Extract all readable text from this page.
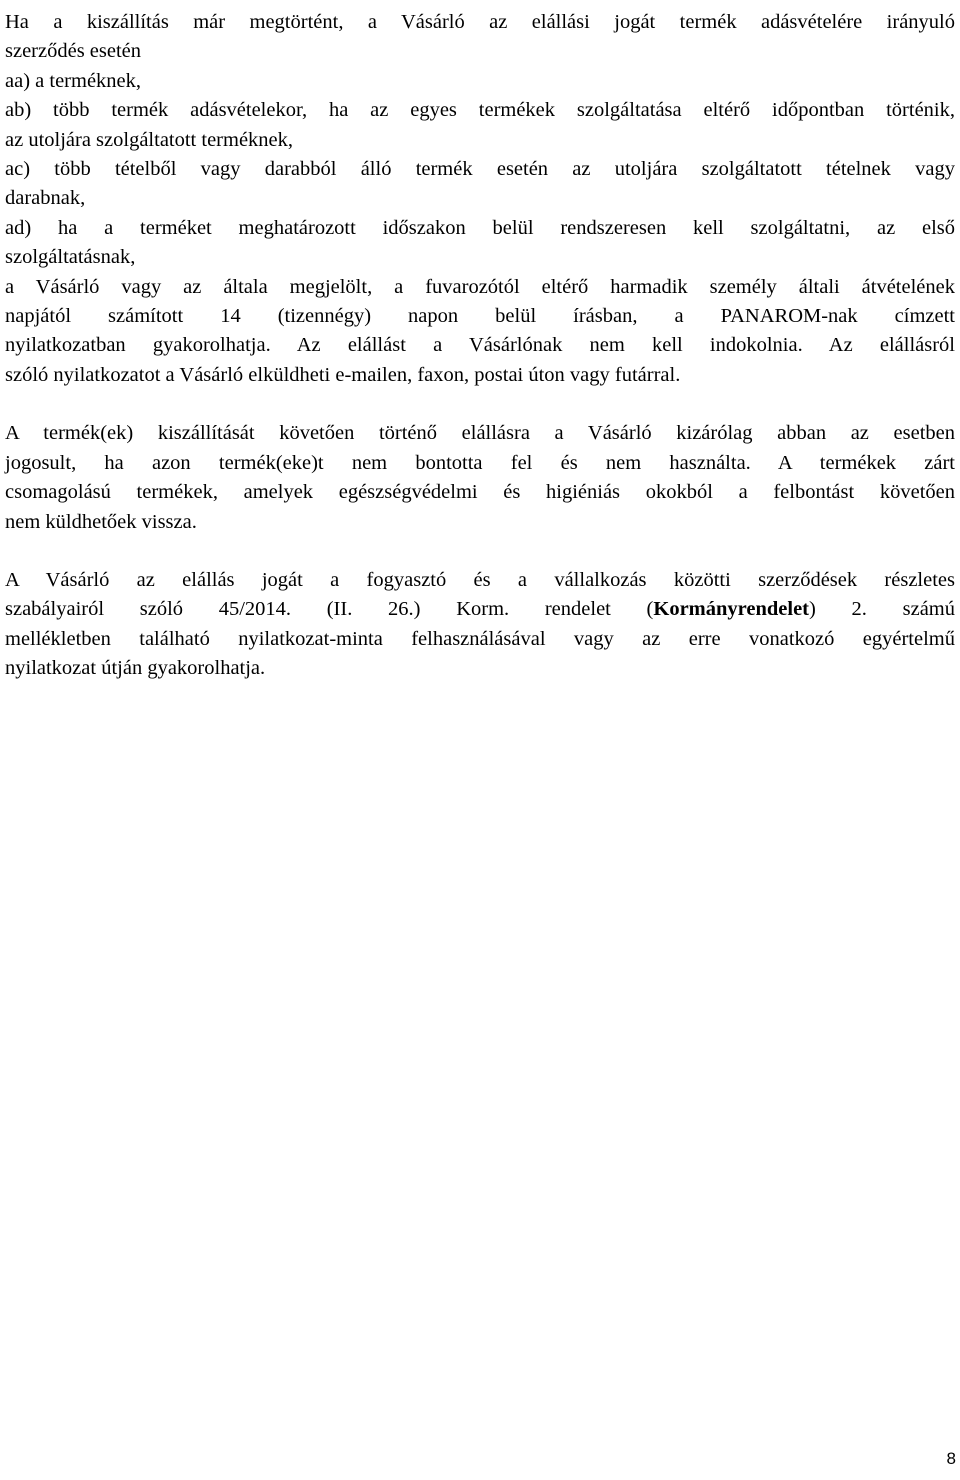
Ha a kiszállítás már megtörtént, a Vásárló az elállási jogát termék adásvételére irányuló
szerződés esetén
aa) a terméknek,
ab) több termék adásvételekor, ha az egyes termékek szolgáltatása eltérő időpontban történik,
az utoljára szolgáltatott terméknek,
ac) több tételből vagy darabból álló termék esetén az utoljára szolgáltatott tételnek vagy
darabnak,
ad) ha a terméket meghatározott időszakon belül rendszeresen kell szolgáltatni, az első
szolgáltatásnak,
a Vásárló vagy az általa megjelölt, a fuvarozótól eltérő harmadik személy általi átvételének
napjától számított 14 (tizennégy) napon belül írásban, a PANAROM-nak címzett
nyilatkozatban gyakorolhatja. Az elállást a Vásárlónak nem kell indokolnia. Az elállásról
szóló nyilatkozatot a Vásárló elküldheti e-mailen, faxon, postai úton vagy futárral.
A termék(ek) kiszállítását követően történő elállásra a Vásárló kizárólag abban az esetben
jogosult, ha azon termék(eke)t nem bontotta fel és nem használta. A termékek zárt
csomagolású termékek, amelyek egészségvédelmi és higiéniás okokból a felbontást követően
nem küldhetőek vissza.
A Vásárló az elállás jogát a fogyasztó és a vállalkozás közötti szerződések részletes
szabályairól szóló 45/2014. (II. 26.) Korm. rendelet (Kormányrendelet) 2. számú
mellékletben található nyilatkozat-minta felhasználásával vagy az erre vonatkozó egyértelmű
nyilatkozat útján gyakorolhatja.
8
